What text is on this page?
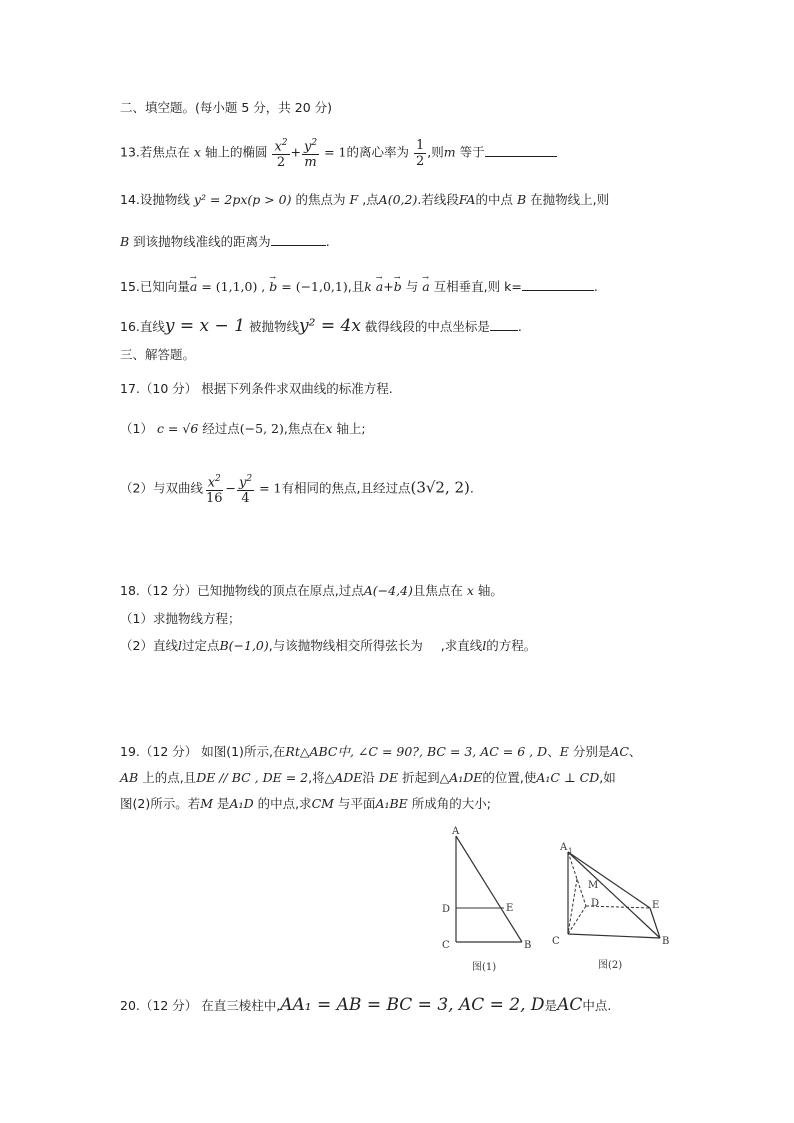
二、填空题。(每小题 5 分，共 20 分)
13.若焦点在 x 轴上的椭圆 $\frac{x^2}{2} + \frac{y^2}{m} = 1$的离心率为 $\frac{1}{2}$ ,则m 等于
14.设抛物线 y² = 2px(p > 0) 的焦点为 F ,点A(0,2).若线段FA的中点 B 在抛物线上,则
B 到该抛物线准线的距离为	.
15.已知向量→ a = (1,1,0) , → b = (−1,0,1),且k → a+→ b 与 → a 互相垂直,则 k=	.
16.直线y = x − 1 被抛物线y² = 4x 截得线段的中点坐标是 .
三、解答题。
17.（10 分） 根据下列条件求双曲线的标准方程.
（1） c = √6 经过点(−5, 2),焦点在x 轴上;
（2）与双曲线 $\frac{x^2}{16} - \frac{y^2}{4} = 1$有相同的焦点,且经过点(3√2, 2).
18.（12 分）已知抛物线的顶点在原点,过点A(−4,4)且焦点在 x 轴。
（1）求抛物线方程；
（2）直线l过定点B(−1,0),与该抛物线相交所得弦长为 ,求直线l的方程。
19.（12 分） 如图(1)所示,在Rt△ABC中, ∠C = 90?, BC = 3, AC = 6 , D、E 分别是AC、
AB 上的点,且DE // BC , DE = 2,将△ADE沿 DE 折起到△A₁DE的位置,使A₁C ⊥ CD,如
图(2)所示。若M 是A₁D 的中点,求CM 与平面A₁BE 所成角的大小;
A
D	E
C	B
图(1)
A 1
M
D	E
C	B
图(2)
20.（12 分） 在直三棱柱中,AA₁ = AB = BC = 3, AC = 2, D是AC中点.
